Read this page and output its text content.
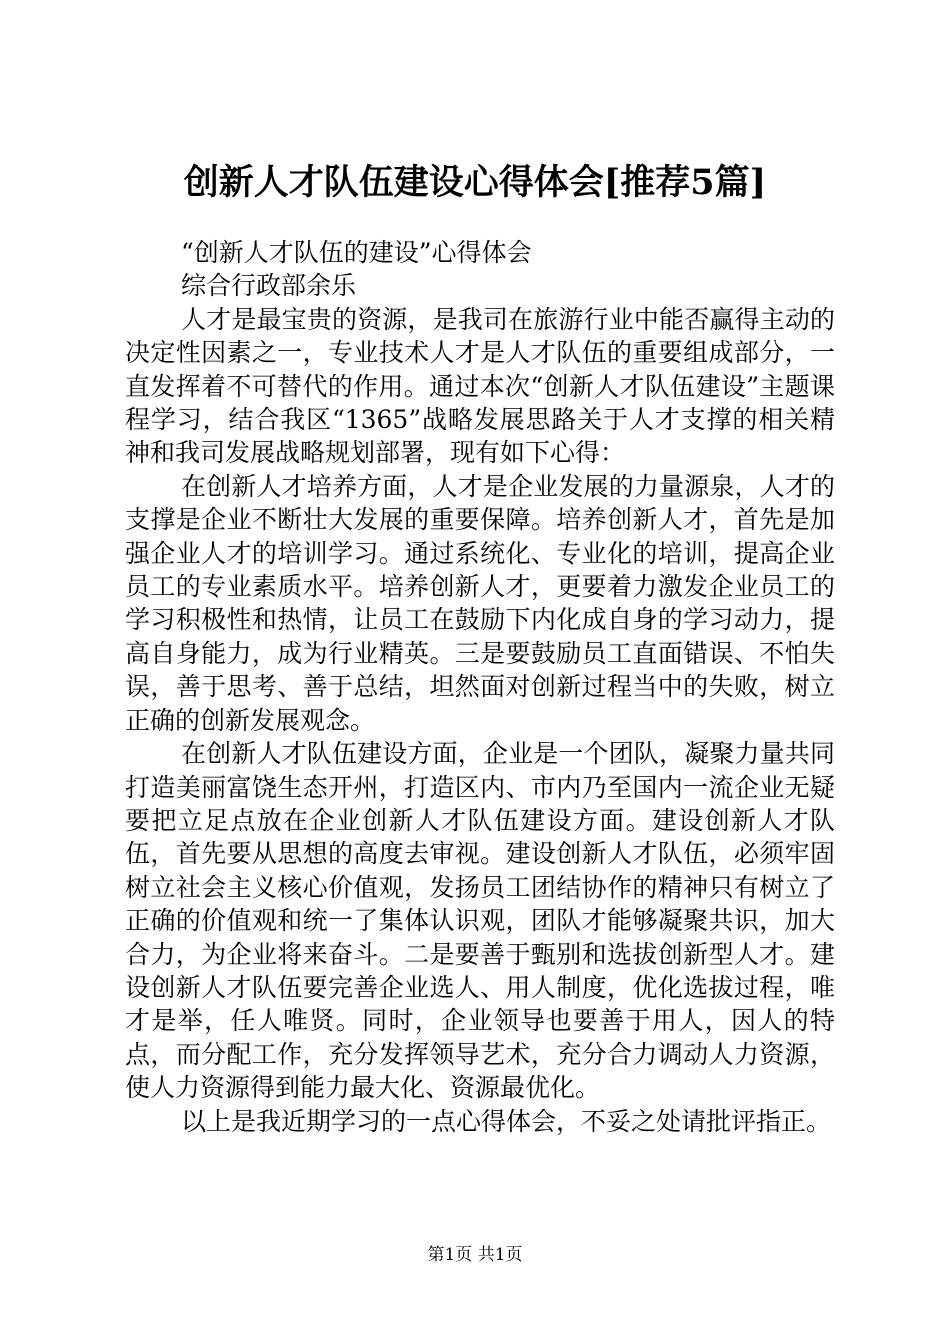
创新人才队伍建设心得体会[推荐5篇]

“创新人才队伍的建设”心得体会

综合行政部余乐

人才是最宝贵的资源，是我司在旅游行业中能否赢得主动的决定性因素之一，专业技术人才是人才队伍的重要组成部分，一直发挥着不可替代的作用。通过本次“创新人才队伍建设”主题课程学习，结合我区“1365”战略发展思路关于人才支撑的相关精神和我司发展战略规划部署，现有如下心得：

在创新人才培养方面，人才是企业发展的力量源泉，人才的支撑是企业不断壮大发展的重要保障。培养创新人才，首先是加强企业人才的培训学习。通过系统化、专业化的培训，提高企业员工的专业素质水平。培养创新人才，更要着力激发企业员工的学习积极性和热情，让员工在鼓励下内化成自身的学习动力，提高自身能力，成为行业精英。三是要鼓励员工直面错误、不怕失误，善于思考、善于总结，坦然面对创新过程当中的失败，树立正确的创新发展观念。

在创新人才队伍建设方面，企业是一个团队，凝聚力量共同打造美丽富饶生态开州，打造区内、市内乃至国内一流企业无疑要把立足点放在企业创新人才队伍建设方面。建设创新人才队伍，首先要从思想的高度去审视。建设创新人才队伍，必须牢固树立社会主义核心价值观，发扬员工团结协作的精神只有树立了正确的价值观和统一了集体认识观，团队才能够凝聚共识，加大合力，为企业将来奋斗。二是要善于甄别和选拔创新型人才。建设创新人才队伍要完善企业选人、用人制度，优化选拔过程，唯才是举，任人唯贤。同时，企业领导也要善于用人，因人的特点，而分配工作，充分发挥领导艺术，充分合力调动人力资源，使人力资源得到能力最大化、资源最优化。

以上是我近期学习的一点心得体会，不妥之处请批评指正。

第1页 共1页
